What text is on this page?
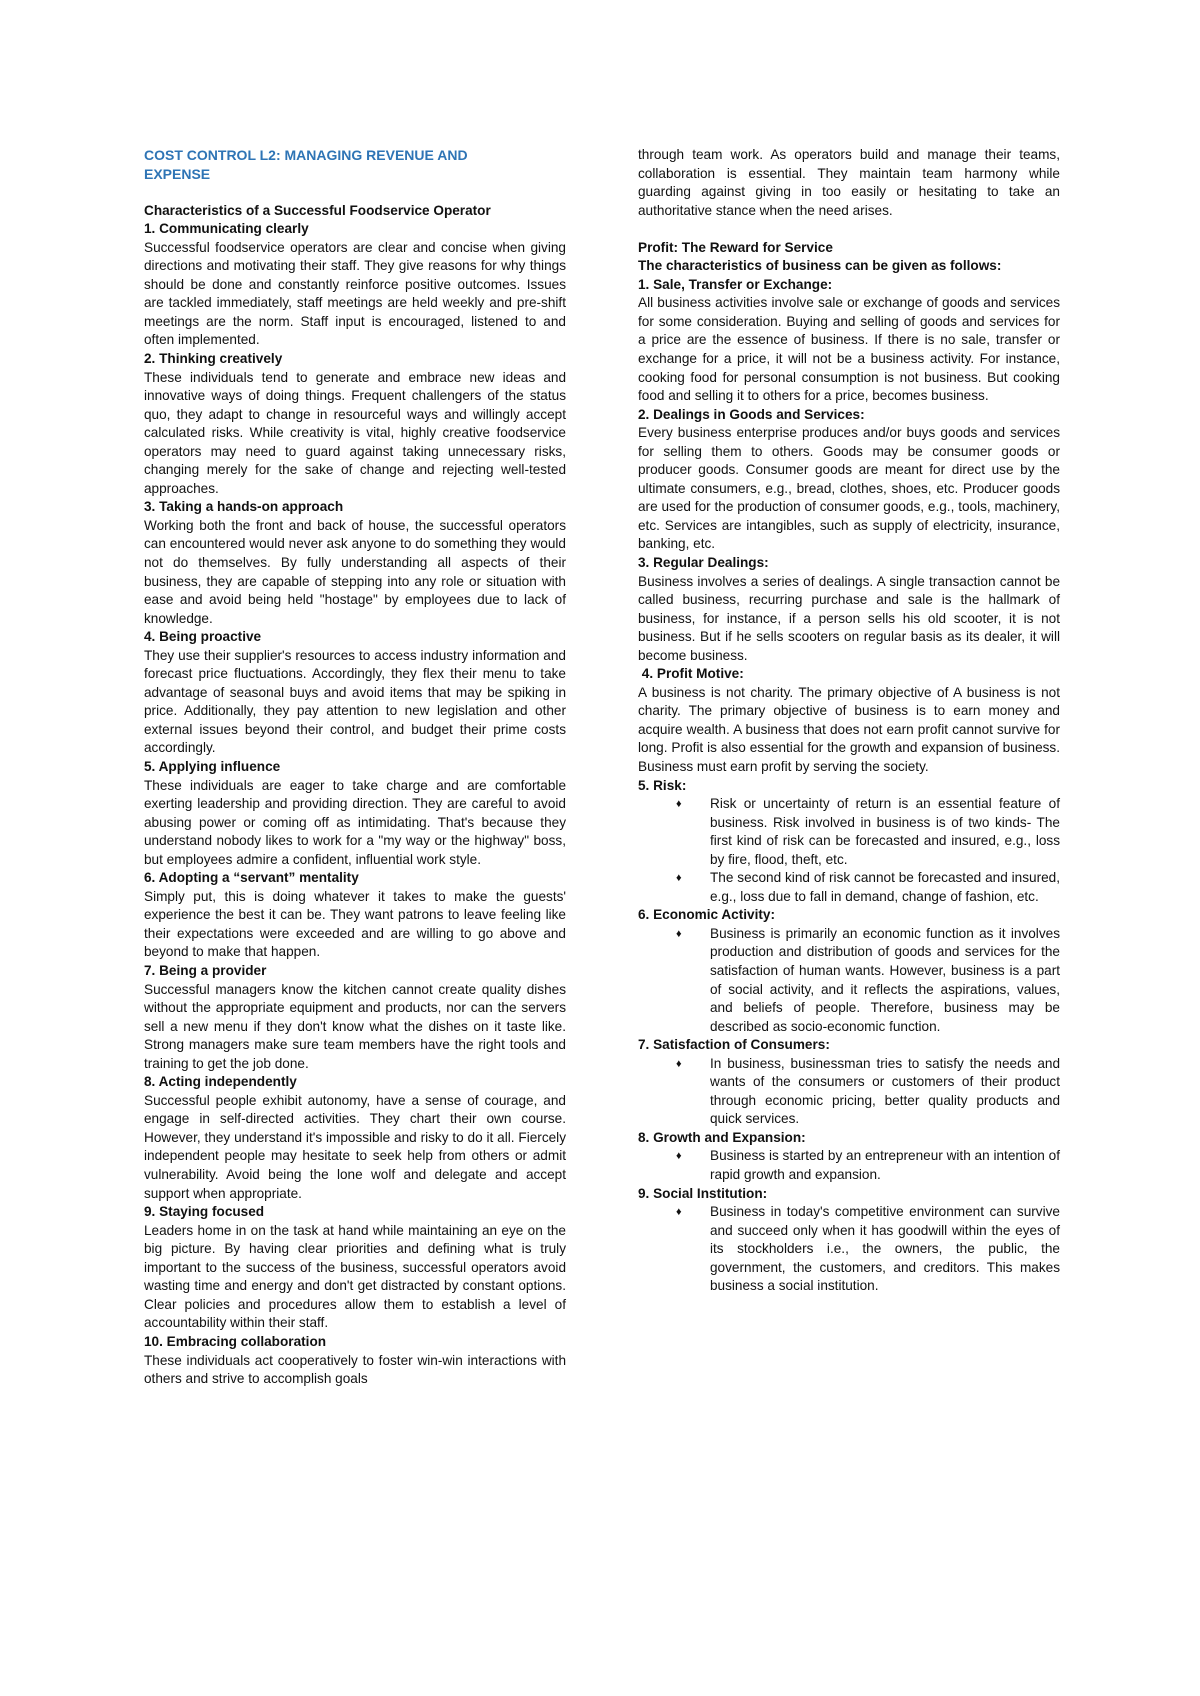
COST CONTROL L2: MANAGING REVENUE AND EXPENSE
Characteristics of a Successful Foodservice Operator
1. Communicating clearly
Successful foodservice operators are clear and concise when giving directions and motivating their staff. They give reasons for why things should be done and constantly reinforce positive outcomes. Issues are tackled immediately, staff meetings are held weekly and pre-shift meetings are the norm. Staff input is encouraged, listened to and often implemented.
2. Thinking creatively
These individuals tend to generate and embrace new ideas and innovative ways of doing things. Frequent challengers of the status quo, they adapt to change in resourceful ways and willingly accept calculated risks. While creativity is vital, highly creative foodservice operators may need to guard against taking unnecessary risks, changing merely for the sake of change and rejecting well-tested approaches.
3. Taking a hands-on approach
Working both the front and back of house, the successful operators can encountered would never ask anyone to do something they would not do themselves. By fully understanding all aspects of their business, they are capable of stepping into any role or situation with ease and avoid being held "hostage" by employees due to lack of knowledge.
4. Being proactive
They use their supplier's resources to access industry information and forecast price fluctuations. Accordingly, they flex their menu to take advantage of seasonal buys and avoid items that may be spiking in price. Additionally, they pay attention to new legislation and other external issues beyond their control, and budget their prime costs accordingly.
5. Applying influence
These individuals are eager to take charge and are comfortable exerting leadership and providing direction. They are careful to avoid abusing power or coming off as intimidating. That's because they understand nobody likes to work for a "my way or the highway" boss, but employees admire a confident, influential work style.
6. Adopting a “servant” mentality
Simply put, this is doing whatever it takes to make the guests' experience the best it can be. They want patrons to leave feeling like their expectations were exceeded and are willing to go above and beyond to make that happen.
7. Being a provider
Successful managers know the kitchen cannot create quality dishes without the appropriate equipment and products, nor can the servers sell a new menu if they don't know what the dishes on it taste like. Strong managers make sure team members have the right tools and training to get the job done.
8. Acting independently
Successful people exhibit autonomy, have a sense of courage, and engage in self-directed activities. They chart their own course. However, they understand it's impossible and risky to do it all. Fiercely independent people may hesitate to seek help from others or admit vulnerability. Avoid being the lone wolf and delegate and accept support when appropriate.
9. Staying focused
Leaders home in on the task at hand while maintaining an eye on the big picture. By having clear priorities and defining what is truly important to the success of the business, successful operators avoid wasting time and energy and don't get distracted by constant options. Clear policies and procedures allow them to establish a level of accountability within their staff.
10. Embracing collaboration
These individuals act cooperatively to foster win-win interactions with others and strive to accomplish goals
through team work. As operators build and manage their teams, collaboration is essential. They maintain team harmony while guarding against giving in too easily or hesitating to take an authoritative stance when the need arises.
Profit: The Reward for Service
The characteristics of business can be given as follows:
1. Sale, Transfer or Exchange:
All business activities involve sale or exchange of goods and services for some consideration. Buying and selling of goods and services for a price are the essence of business. If there is no sale, transfer or exchange for a price, it will not be a business activity. For instance, cooking food for personal consumption is not business. But cooking food and selling it to others for a price, becomes business.
2. Dealings in Goods and Services:
Every business enterprise produces and/or buys goods and services for selling them to others. Goods may be consumer goods or producer goods. Consumer goods are meant for direct use by the ultimate consumers, e.g., bread, clothes, shoes, etc. Producer goods are used for the production of consumer goods, e.g., tools, machinery, etc. Services are intangibles, such as supply of electricity, insurance, banking, etc.
3. Regular Dealings:
Business involves a series of dealings. A single transaction cannot be called business, recurring purchase and sale is the hallmark of business, for instance, if a person sells his old scooter, it is not business. But if he sells scooters on regular basis as its dealer, it will become business.
4. Profit Motive:
A business is not charity. The primary objective of A business is not charity. The primary objective of business is to earn money and acquire wealth. A business that does not earn profit cannot survive for long. Profit is also essential for the growth and expansion of business. Business must earn profit by serving the society.
5. Risk:
♦ Risk or uncertainty of return is an essential feature of business. Risk involved in business is of two kinds- The first kind of risk can be forecasted and insured, e.g., loss by fire, flood, theft, etc.
♦ The second kind of risk cannot be forecasted and insured, e.g., loss due to fall in demand, change of fashion, etc.
6. Economic Activity:
♦ Business is primarily an economic function as it involves production and distribution of goods and services for the satisfaction of human wants. However, business is a part of social activity, and it reflects the aspirations, values, and beliefs of people. Therefore, business may be described as socio-economic function.
7. Satisfaction of Consumers:
♦ In business, businessman tries to satisfy the needs and wants of the consumers or customers of their product through economic pricing, better quality products and quick services.
8. Growth and Expansion:
♦ Business is started by an entrepreneur with an intention of rapid growth and expansion.
9. Social Institution:
♦ Business in today's competitive environment can survive and succeed only when it has goodwill within the eyes of its stockholders i.e., the owners, the public, the government, the customers, and creditors. This makes business a social institution.
